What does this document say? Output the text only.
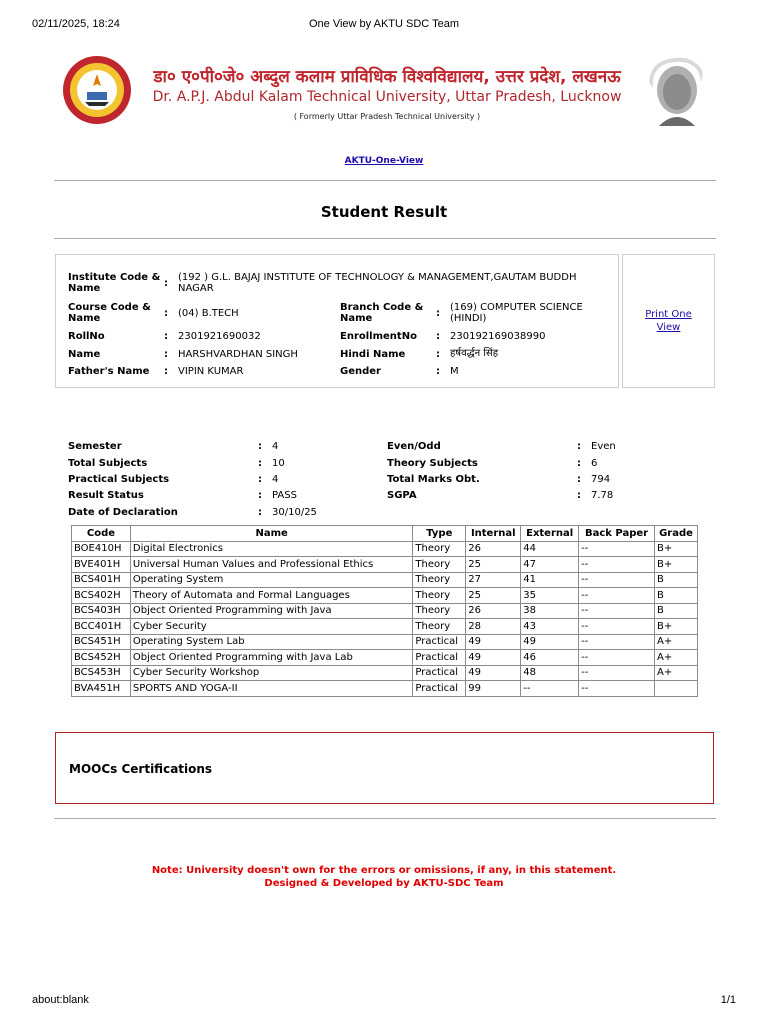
02/11/2025, 18:24	One View by AKTU SDC Team
डा० ए०पी०जे० अब्दुल कलाम प्राविधिक विश्वविद्यालय, उत्तर प्रदेश, लखनऊ
Dr. A.P.J. Abdul Kalam Technical University, Uttar Pradesh, Lucknow
( Formerly Uttar Pradesh Technical University )
AKTU-One-View
Student Result
Institute Code & Name	:
(192 ) G.L. BAJAJ INSTITUTE OF TECHNOLOGY & MANAGEMENT,GAUTAM BUDDH NAGAR
Course Code & Name	: (04) B.TECH
Branch Code & Name	:
(169) COMPUTER SCIENCE (HINDI)
RollNo	: 2301921690032	EnrollmentNo : 230192169038990
Name	: HARSHVARDHAN SINGH	Hindi Name	: हर्षवर्द्धन सिंह
Father's Name : VIPIN KUMAR	Gender	: M
Print One View
Semester	: 4	Even/Odd	: Even
Total Subjects	: 10	Theory Subjects	: 6
Practical Subjects	: 4	Total Marks Obt.	: 794
Result Status	: PASS	SGPA	: 7.78
Date of Declaration	: 30/10/25
Code	Name	Type	Internal	External	Back Paper	Grade
BOE410H	Digital Electronics	Theory	26	44	--	B+
BVE401H	Universal Human Values and Professional Ethics	Theory	25	47	--	B+
BCS401H	Operating System	Theory	27	41	--	B
BCS402H	Theory of Automata and Formal Languages	Theory	25	35	--	B
BCS403H	Object Oriented Programming with Java	Theory	26	38	--	B
BCC401H	Cyber Security	Theory	28	43	--	B+
BCS451H	Operating System Lab	Practical	49	49	--	A+
BCS452H	Object Oriented Programming with Java Lab	Practical	49	46	--	A+
BCS453H	Cyber Security Workshop	Practical	49	48	--	A+
BVA451H	SPORTS AND YOGA-II	Practical	99	--	--	
MOOCs Certifications
Note: University doesn't own for the errors or omissions, if any, in this statement.
Designed & Developed by AKTU-SDC Team
about:blank	1/1
